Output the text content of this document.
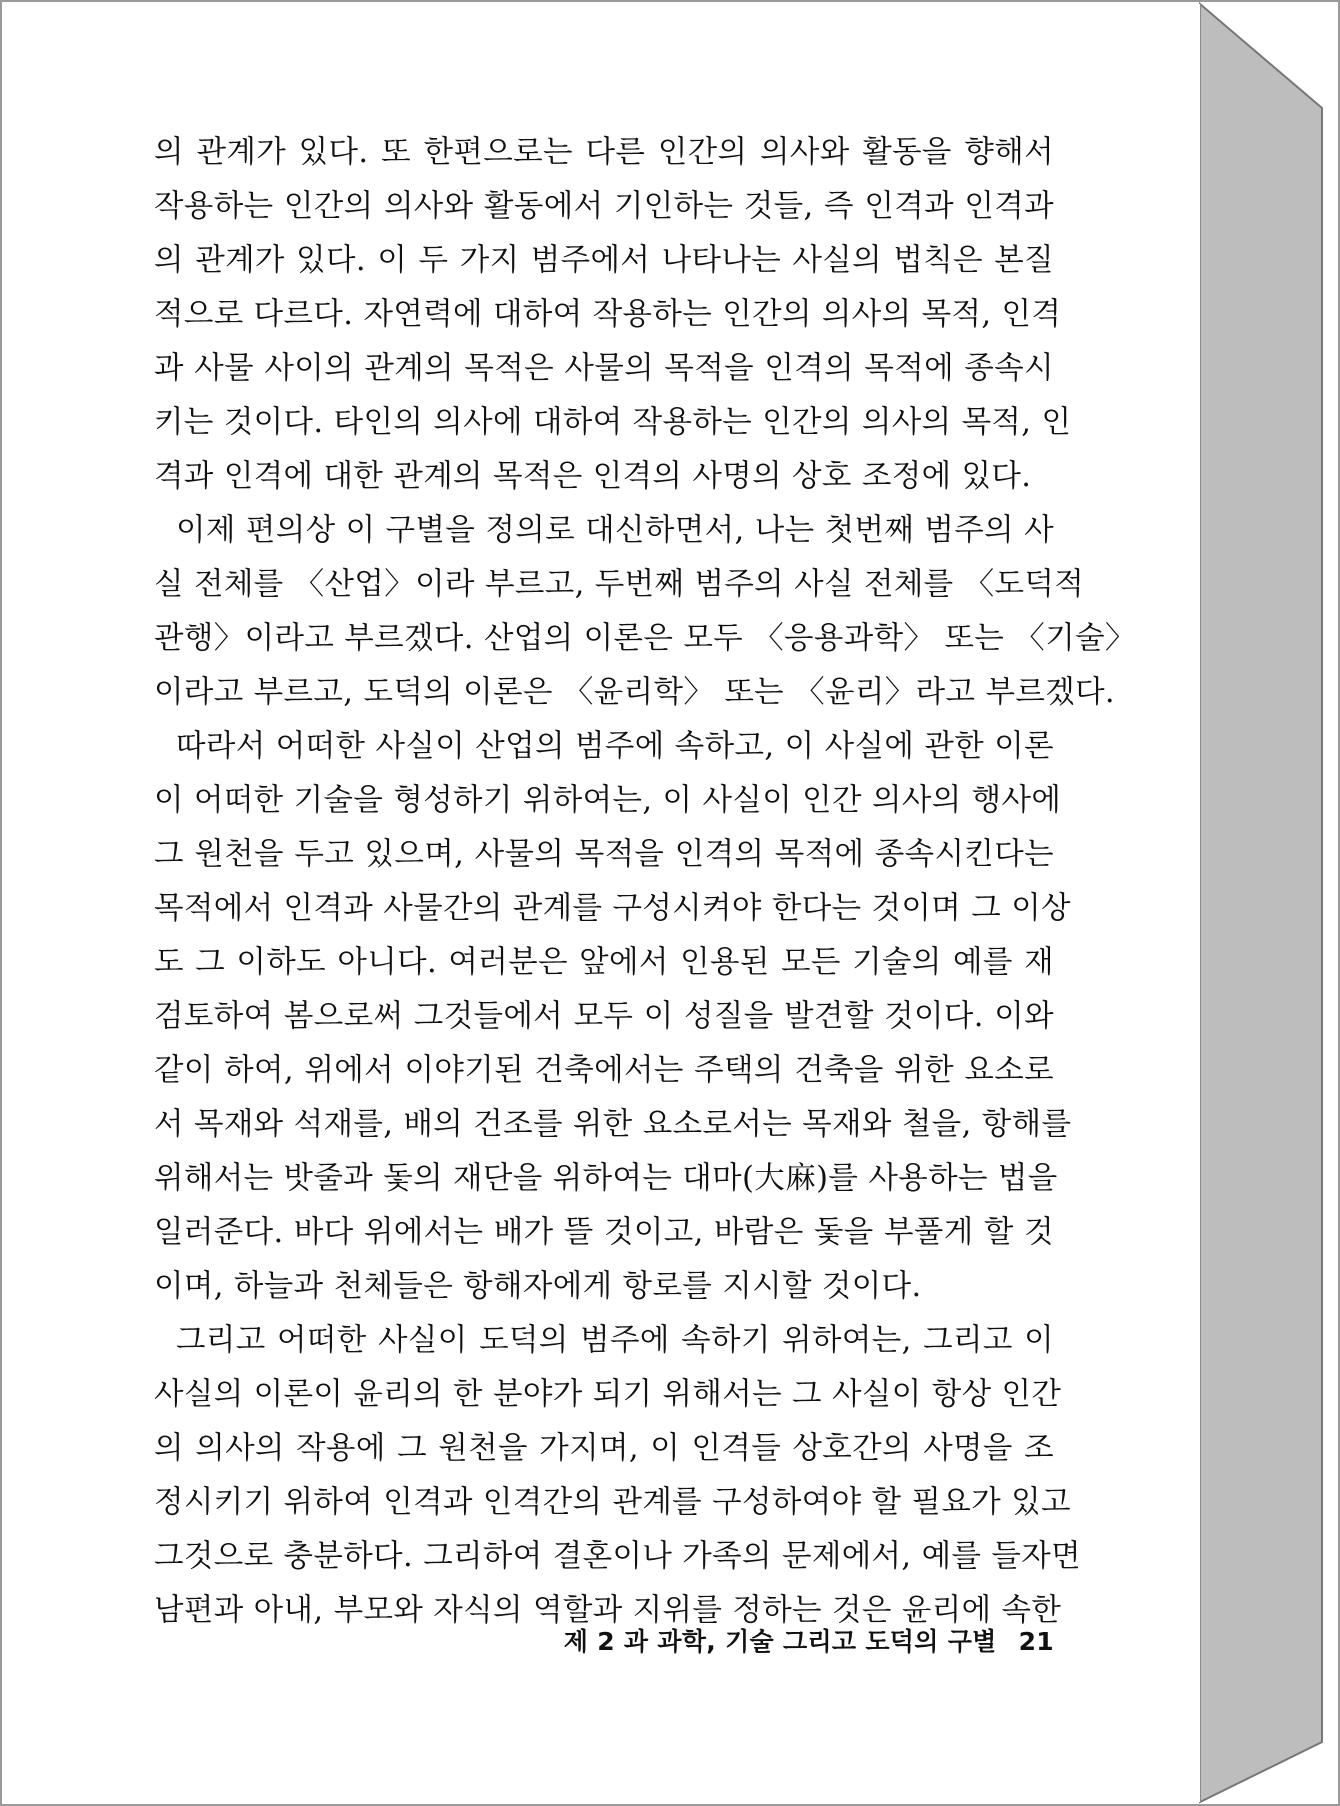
의 관계가 있다. 또 한편으로는 다른 인간의 의사와 활동을 향해서
작용하는 인간의 의사와 활동에서 기인하는 것들, 즉 인격과 인격과
의 관계가 있다. 이 두 가지 범주에서 나타나는 사실의 법칙은 본질
적으로 다르다. 자연력에 대하여 작용하는 인간의 의사의 목적, 인격
과 사물 사이의 관계의 목적은 사물의 목적을 인격의 목적에 종속시
키는 것이다. 타인의 의사에 대하여 작용하는 인간의 의사의 목적, 인
격과 인격에 대한 관계의 목적은 인격의 사명의 상호 조정에 있다.
이제 편의상 이 구별을 정의로 대신하면서, 나는 첫번째 범주의 사
실 전체를 〈산업〉이라 부르고, 두번째 범주의 사실 전체를 〈도덕적
관행〉이라고 부르겠다. 산업의 이론은 모두 〈응용과학〉 또는 〈기술〉
이라고 부르고, 도덕의 이론은 〈윤리학〉 또는 〈윤리〉라고 부르겠다.
따라서 어떠한 사실이 산업의 범주에 속하고, 이 사실에 관한 이론
이 어떠한 기술을 형성하기 위하여는, 이 사실이 인간 의사의 행사에
그 원천을 두고 있으며, 사물의 목적을 인격의 목적에 종속시킨다는
목적에서 인격과 사물간의 관계를 구성시켜야 한다는 것이며 그 이상
도 그 이하도 아니다. 여러분은 앞에서 인용된 모든 기술의 예를 재
검토하여 봄으로써 그것들에서 모두 이 성질을 발견할 것이다. 이와
같이 하여, 위에서 이야기된 건축에서는 주택의 건축을 위한 요소로
서 목재와 석재를, 배의 건조를 위한 요소로서는 목재와 철을, 항해를
위해서는 밧줄과 돛의 재단을 위하여는 대마(大麻)를 사용하는 법을
일러준다. 바다 위에서는 배가 뜰 것이고, 바람은 돛을 부풀게 할 것
이며, 하늘과 천체들은 항해자에게 항로를 지시할 것이다.
그리고 어떠한 사실이 도덕의 범주에 속하기 위하여는, 그리고 이
사실의 이론이 윤리의 한 분야가 되기 위해서는 그 사실이 항상 인간
의 의사의 작용에 그 원천을 가지며, 이 인격들 상호간의 사명을 조
정시키기 위하여 인격과 인격간의 관계를 구성하여야 할 필요가 있고
그것으로 충분하다. 그리하여 결혼이나 가족의 문제에서, 예를 들자면
남편과 아내, 부모와 자식의 역할과 지위를 정하는 것은 윤리에 속한
제 2 과 과학, 기술 그리고 도덕의 구별 21
